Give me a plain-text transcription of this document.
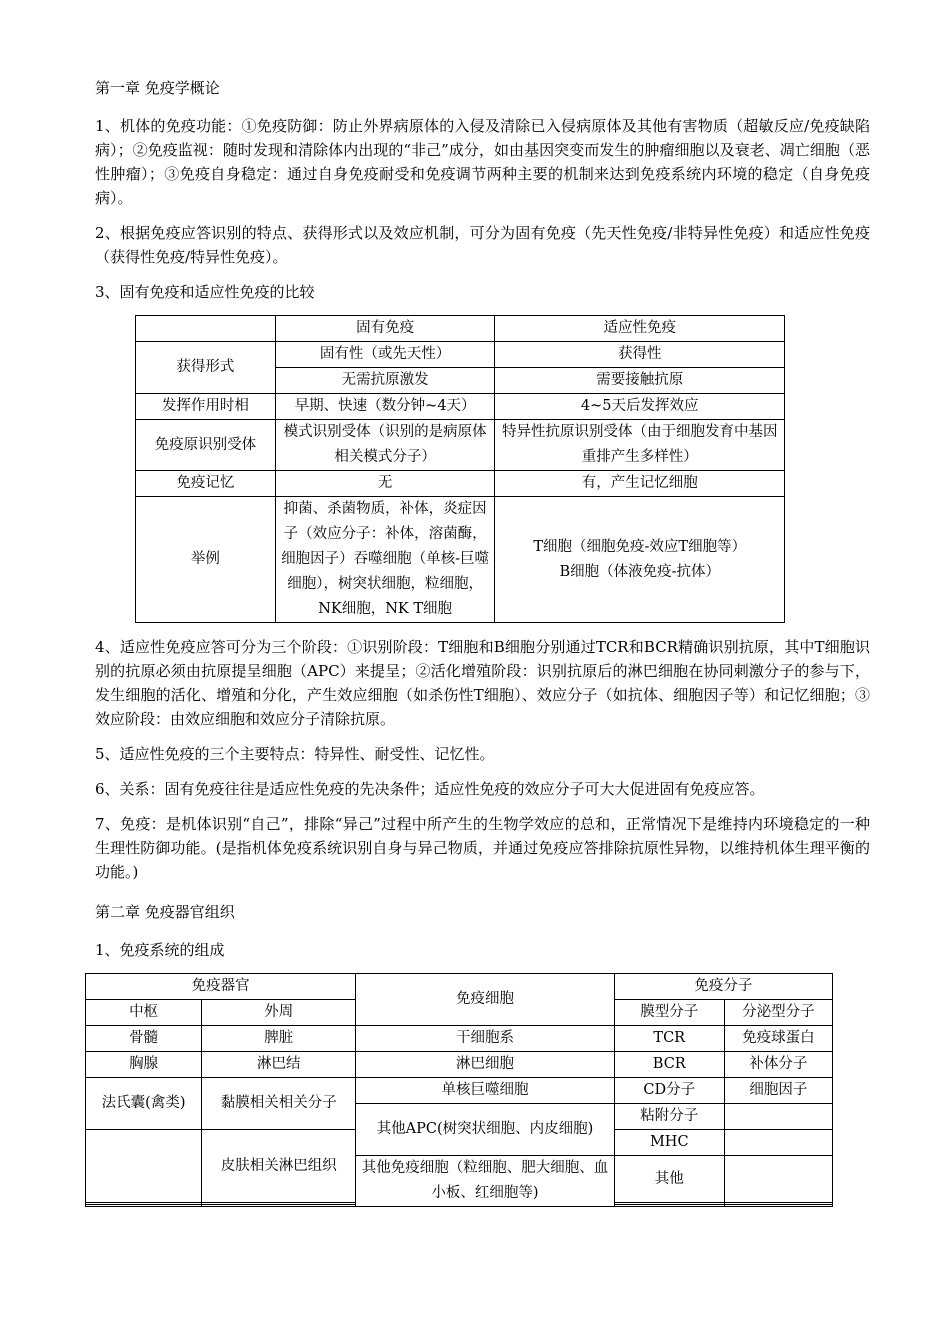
第一章 免疫学概论
1、机体的免疫功能：①免疫防御：防止外界病原体的入侵及清除已入侵病原体及其他有害物质（超敏反应/免疫缺陷病）；②免疫监视：随时发现和清除体内出现的“非己”成分，如由基因突变而发生的肿瘤细胞以及衰老、凋亡细胞（恶性肿瘤）；③免疫自身稳定：通过自身免疫耐受和免疫调节两种主要的机制来达到免疫系统内环境的稳定（自身免疫病）。
2、根据免疫应答识别的特点、获得形式以及效应机制，可分为固有免疫（先天性免疫/非特异性免疫）和适应性免疫（获得性免疫/特异性免疫）。
3、固有免疫和适应性免疫的比较
	固有免疫	适应性免疫
获得形式	固有性（或先天性）	获得性
	无需抗原激发	需要接触抗原
发挥作用时相	早期、快速（数分钟~4天）	4~5天后发挥效应
免疫原识别受体	模式识别受体（识别的是病原体相关模式分子）	特异性抗原识别受体（由于细胞发育中基因重排产生多样性）
免疫记忆	无	有，产生记忆细胞
举例	抑菌、杀菌物质，补体，炎症因子（效应分子：补体，溶菌酶，细胞因子）吞噬细胞（单核-巨噬细胞），树突状细胞，粒细胞，NK细胞，NK T细胞	T细胞（细胞免疫-效应T细胞等）
B细胞（体液免疫-抗体）
4、适应性免疫应答可分为三个阶段：①识别阶段：T细胞和B细胞分别通过TCR和BCR精确识别抗原，其中T细胞识别的抗原必须由抗原提呈细胞（APC）来提呈；②活化增殖阶段：识别抗原后的淋巴细胞在协同刺激分子的参与下，发生细胞的活化、增殖和分化，产生效应细胞（如杀伤性T细胞）、效应分子（如抗体、细胞因子等）和记忆细胞；③效应阶段：由效应细胞和效应分子清除抗原。
5、适应性免疫的三个主要特点：特异性、耐受性、记忆性。
6、关系：固有免疫往往是适应性免疫的先决条件；适应性免疫的效应分子可大大促进固有免疫应答。
7、免疫：是机体识别“自己”，排除“异己”过程中所产生的生物学效应的总和，正常情况下是维持内环境稳定的一种生理性防御功能。(是指机体免疫系统识别自身与异己物质，并通过免疫应答排除抗原性异物，以维持机体生理平衡的功能。)
第二章 免疫器官组织
1、免疫系统的组成
免疫器官		免疫细胞	免疫分子	
中枢	外周		膜型分子	分泌型分子
骨髓	脾脏	干细胞系	TCR	免疫球蛋白
胸腺	淋巴结	淋巴细胞	BCR	补体分子
法氏囊(禽类)	黏膜相关相关分子	单核巨噬细胞	CD分子	细胞因子
		其他APC(树突状细胞、内皮细胞)	粘附分子	
	皮肤相关淋巴组织		MHC	
		其他免疫细胞（粒细胞、肥大细胞、血小板、红细胞等)	其他	
